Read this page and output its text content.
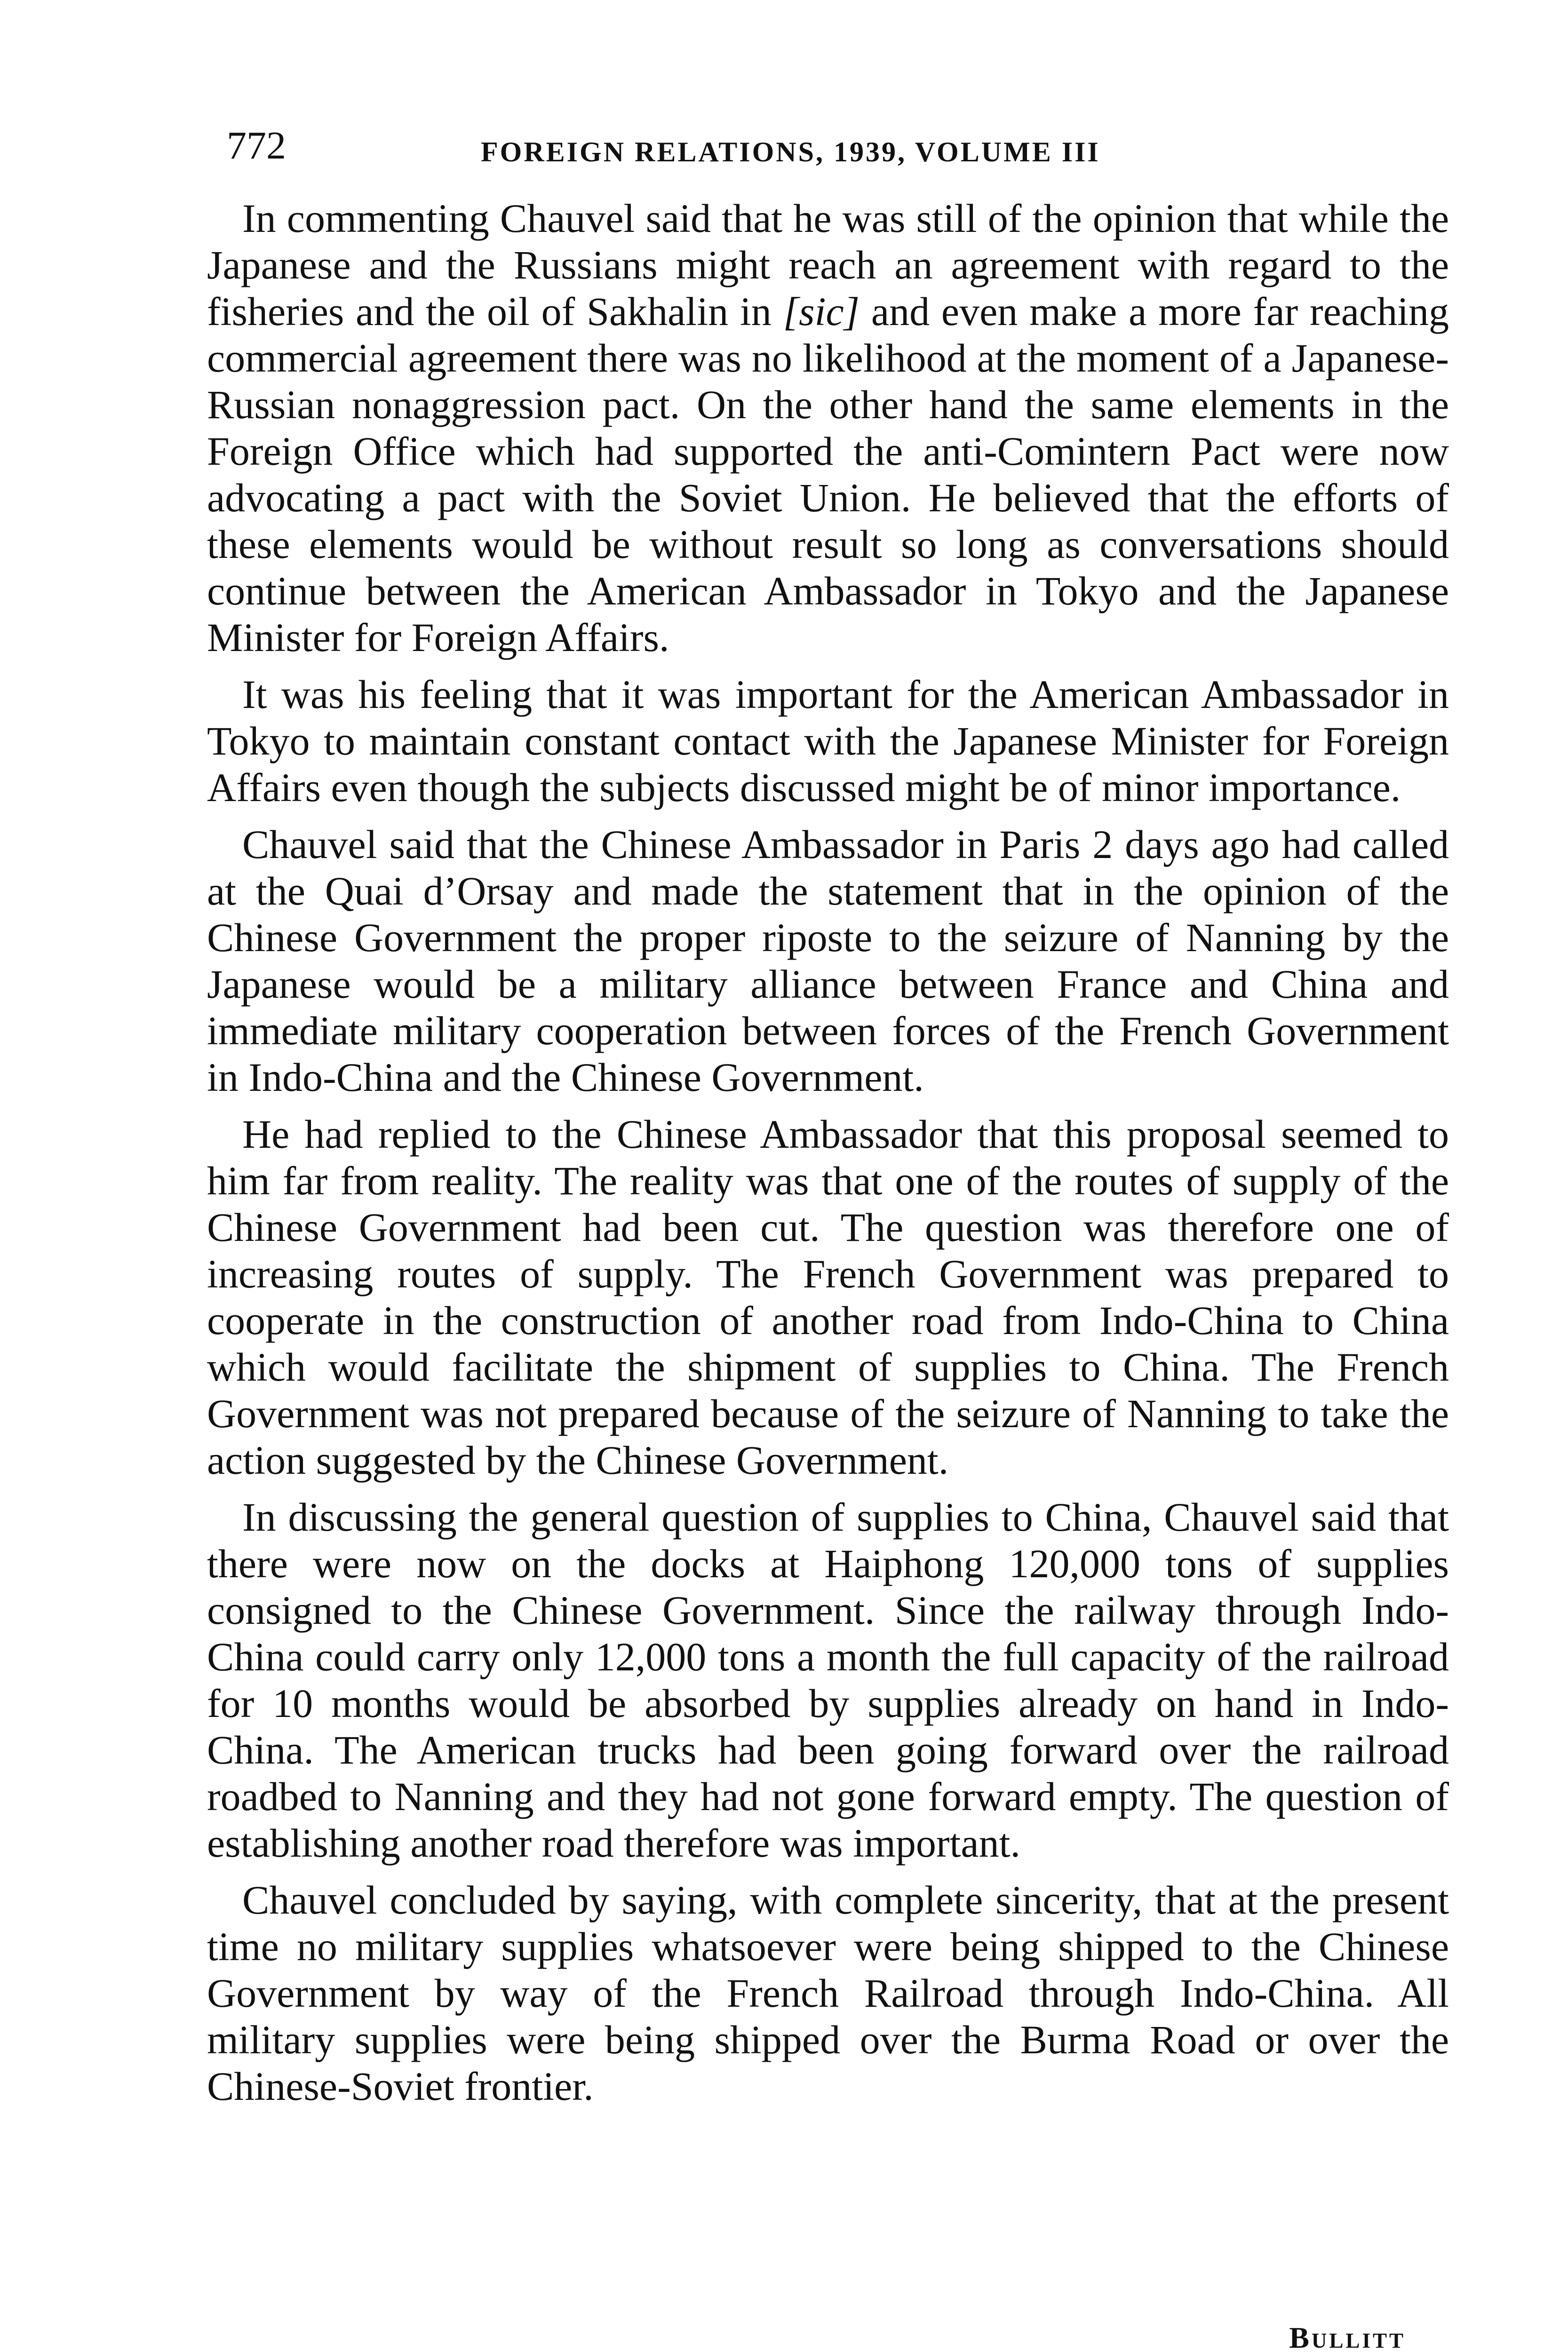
772	FOREIGN RELATIONS, 1939, VOLUME III

In commenting Chauvel said that he was still of the opinion that while the Japanese and the Russians might reach an agreement with regard to the fisheries and the oil of Sakhalin in [sic] and even make a more far reaching commercial agreement there was no likelihood at the moment of a Japanese-Russian nonaggression pact. On the other hand the same elements in the Foreign Office which had supported the anti-Comintern Pact were now advocating a pact with the Soviet Union. He believed that the efforts of these elements would be without result so long as conversations should continue between the American Ambassador in Tokyo and the Japanese Minister for Foreign Affairs.

It was his feeling that it was important for the American Ambassador in Tokyo to maintain constant contact with the Japanese Minister for Foreign Affairs even though the subjects discussed might be of minor importance.

Chauvel said that the Chinese Ambassador in Paris 2 days ago had called at the Quai d’Orsay and made the statement that in the opinion of the Chinese Government the proper riposte to the seizure of Nanning by the Japanese would be a military alliance between France and China and immediate military cooperation between forces of the French Government in Indo-China and the Chinese Government.

He had replied to the Chinese Ambassador that this proposal seemed to him far from reality. The reality was that one of the routes of supply of the Chinese Government had been cut. The question was therefore one of increasing routes of supply. The French Government was prepared to cooperate in the construction of another road from Indo-China to China which would facilitate the shipment of supplies to China. The French Government was not prepared because of the seizure of Nanning to take the action suggested by the Chinese Government.

In discussing the general question of supplies to China, Chauvel said that there were now on the docks at Haiphong 120,000 tons of supplies consigned to the Chinese Government. Since the railway through Indo-China could carry only 12,000 tons a month the full capacity of the railroad for 10 months would be absorbed by supplies already on hand in Indo-China. The American trucks had been going forward over the railroad roadbed to Nanning and they had not gone forward empty. The question of establishing another road therefore was important.

Chauvel concluded by saying, with complete sincerity, that at the present time no military supplies whatsoever were being shipped to the Chinese Government by way of the French Railroad through Indo-China. All military supplies were being shipped over the Burma Road or over the Chinese-Soviet frontier.

Bullitt
